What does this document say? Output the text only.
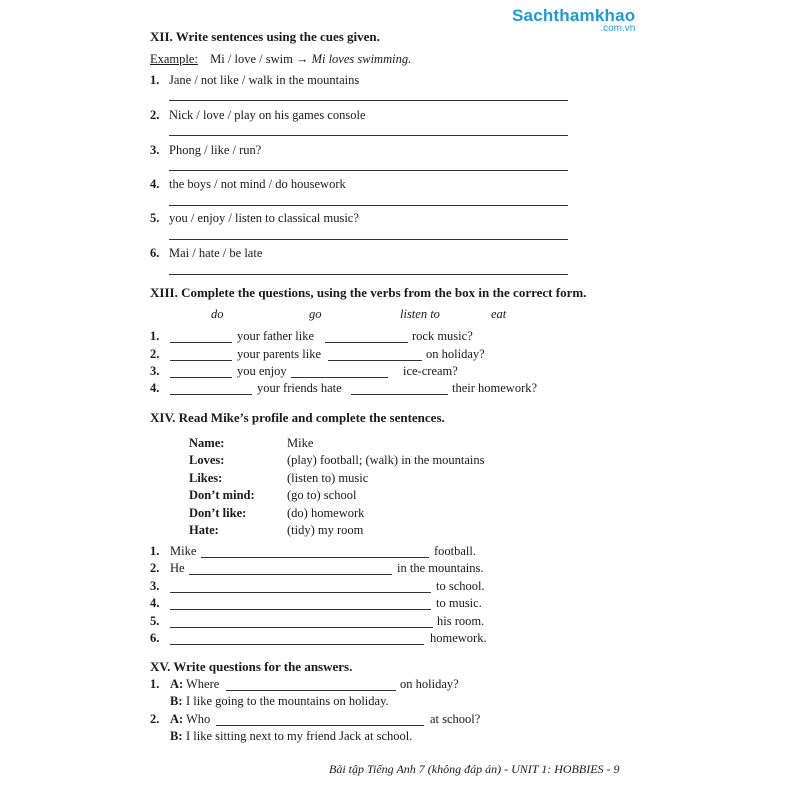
Sachthamkhao
.com.vn
XII. Write sentences using the cues given.
Example: Mi / love / swim → Mi loves swimming.
1. Jane / not like / walk in the mountains
2. Nick / love / play on his games console
3. Phong / like / run?
4. the boys / not mind / do housework
5. you / enjoy / listen to classical music?
6. Mai / hate / be late
XIII. Complete the questions, using the verbs from the box in the correct form.
do	go	listen to	eat
1.	your father like	rock music?
2.	your parents like	on holiday?
3.	you enjoy	ice-cream?
4.	your friends hate	their homework?
XIV. Read Mike’s profile and complete the sentences.
Name:	Mike
Loves:	(play) football; (walk) in the mountains
Likes:	(listen to) music
Don’t mind:	(go to) school
Don’t like:	(do) homework
Hate:	(tidy) my room
1. Mike	football.
2. He	in the mountains.
3.	to school.
4.	to music.
5.	his room.
6.	homework.
XV. Write questions for the answers.
1. A: Where	on holiday?
B: I like going to the mountains on holiday.
2. A: Who	at school?
B: I like sitting next to my friend Jack at school.
Bài tập Tiếng Anh 7 (không đáp án) - UNIT 1: HOBBIES - 9
